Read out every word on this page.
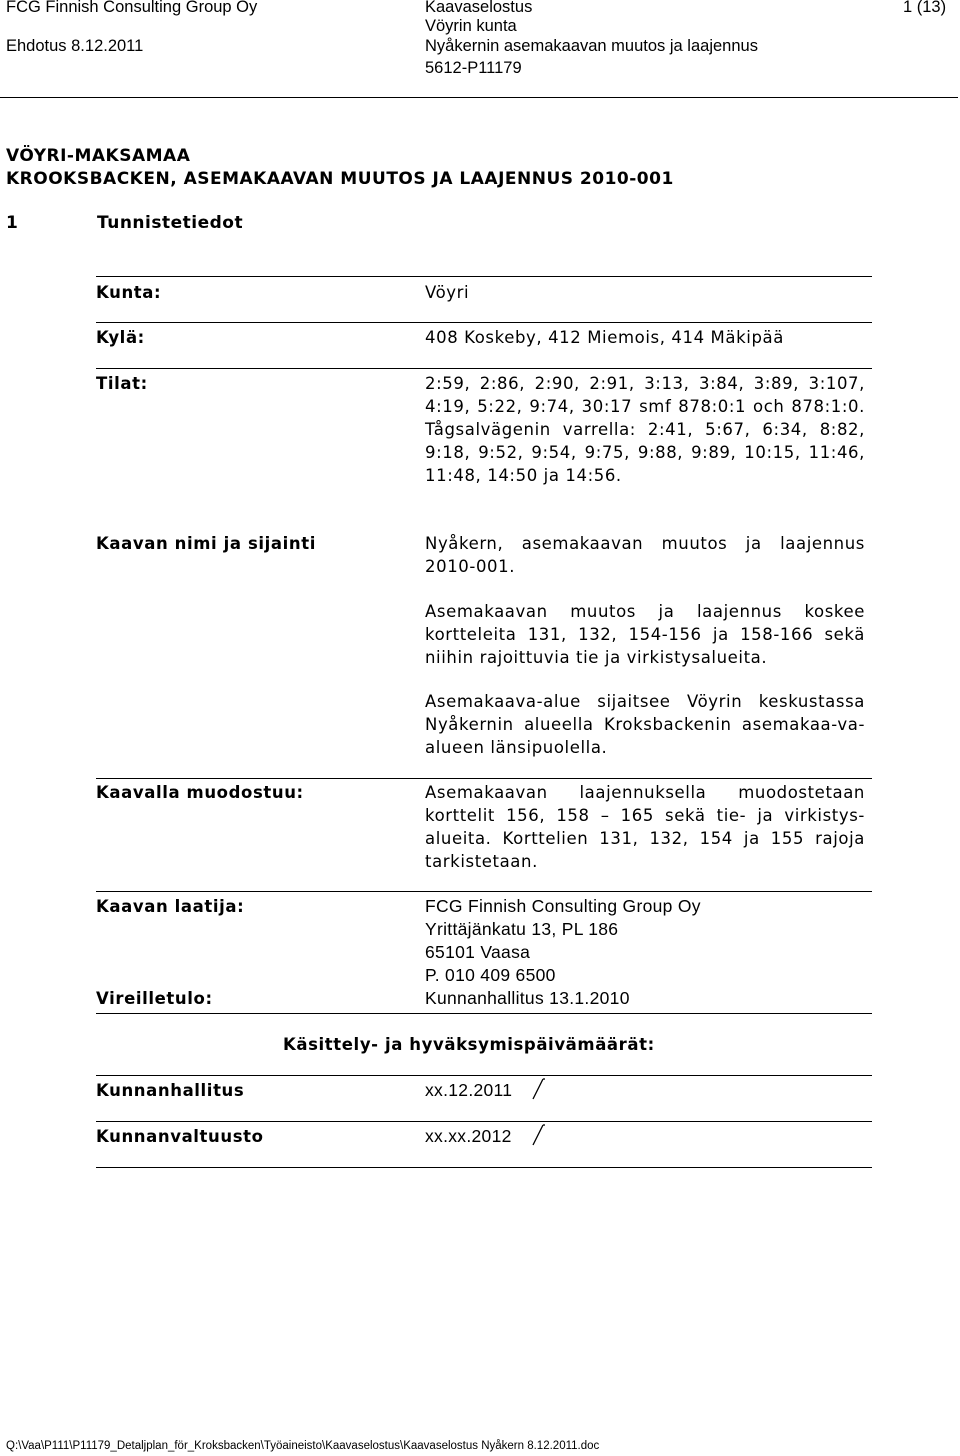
FCG Finnish Consulting Group Oy
Ehdotus 8.12.2011
Kaavaselostus
Vöyrin kunta
Nyåkernin asemakaavan muutos ja laajennus
5612-P11179
1 (13)
VÖYRI-MAKSAMAA
KROOKSBACKEN, ASEMAKAAVAN MUUTOS JA LAAJENNUS 2010-001
1	Tunnistetiedot
Kunta:	Vöyri
Kylä:	408 Koskeby, 412 Miemois, 414 Mäkipää
Tilat:	2:59, 2:86, 2:90, 2:91, 3:13, 3:84, 3:89, 3:107, 4:19, 5:22, 9:74, 30:17 smf 878:0:1 och 878:1:0. Tågsalvägenin varrella: 2:41, 5:67, 6:34, 8:82, 9:18, 9:52, 9:54, 9:75, 9:88, 9:89, 10:15, 11:46, 11:48, 14:50 ja 14:56.
Kaavan nimi ja sijainti	Nyåkern, asemakaavan muutos ja laajennus 2010-001.
Asemakaavan muutos ja laajennus koskee kortteleita 131, 132, 154-156 ja 158-166 sekä niihin rajoittuvia tie ja virkistysalueita.
Asemakaava-alue sijaitsee Vöyrin keskustassa Nyåkernin alueella Kroksbackenin asemakaa-va-alueen länsipuolella.
Kaavalla muodostuu:	Asemakaavan laajennuksella muodostetaan korttelit 156, 158 – 165 sekä tie- ja virkistys-alueita. Korttelien 131, 132, 154 ja 155 rajoja tarkistetaan.
Kaavan laatija:	FCG Finnish Consulting Group Oy
Yrittäjänkatu 13, PL 186
65101 Vaasa
P. 010 409 6500
Vireilletulo:	Kunnanhallitus 13.1.2010
Käsittely- ja hyväksymispäivämäärät:
Kunnanhallitus	xx.12.2011
Kunnanvaltuusto	xx.xx.2012
Q:\Vaa\P111\P11179_Detaljplan_för_Kroksbacken\Työaineisto\Kaavaselostus\Kaavaselostus Nyåkern 8.12.2011.doc
